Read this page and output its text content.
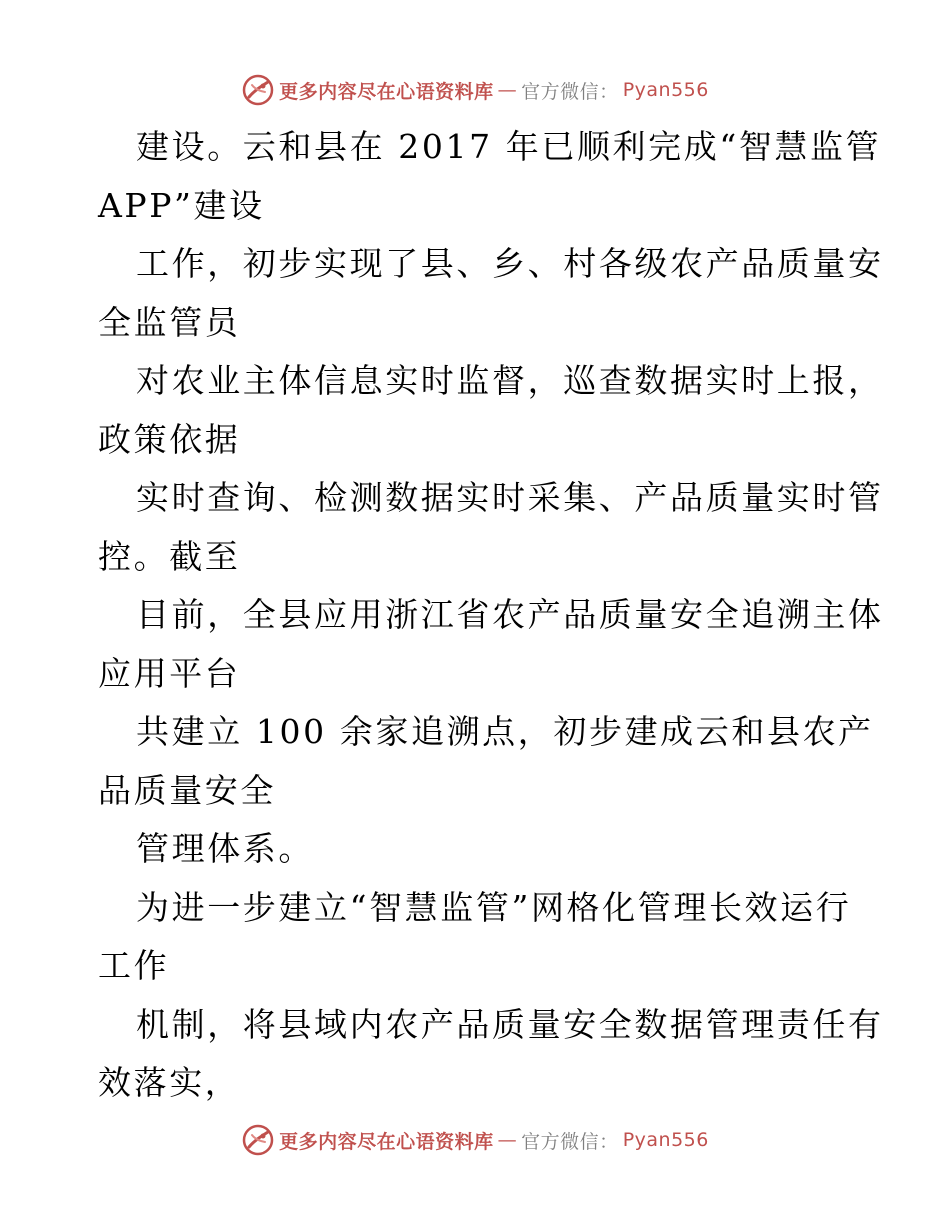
更多内容尽在心语资料库 — 官方微信： Pyan556
建设。云和县在 2017 年已顺利完成“智慧监管
APP”建设
工作，初步实现了县、乡、村各级农产品质量安
全监管员
对农业主体信息实时监督，巡查数据实时上报，
政策依据
实时查询、检测数据实时采集、产品质量实时管
控。截至
目前，全县应用浙江省农产品质量安全追溯主体
应用平台
共建立 100 余家追溯点，初步建成云和县农产
品质量安全
管理体系。
为进一步建立“智慧监管”网格化管理长效运行
工作
机制，将县域内农产品质量安全数据管理责任有
效落实，
更多内容尽在心语资料库 — 官方微信： Pyan556
